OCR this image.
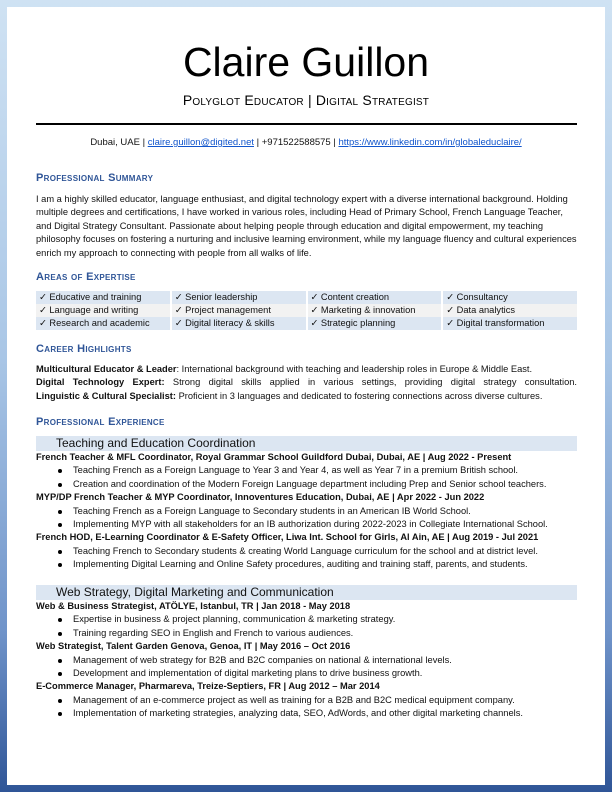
Claire Guillon
Polyglot Educator | Digital Strategist
Dubai, UAE | claire.guillon@digited.net | +971522588575 | https://www.linkedin.com/in/globaleduclaire/
Professional Summary
I am a highly skilled educator, language enthusiast, and digital technology expert with a diverse international background. Holding multiple degrees and certifications, I have worked in various roles, including Head of Primary School, French Language Teacher, and Digital Strategy Consultant. Passionate about helping people through education and digital empowerment, my teaching philosophy focuses on fostering a nurturing and inclusive learning environment, while my language fluency and cultural experiences enrich my approach to connecting with people from all walks of life.
Areas of Expertise
✓ Educative and training	✓ Senior leadership	✓ Content creation	✓ Consultancy
✓ Language and writing	✓ Project management	✓ Marketing & innovation	✓ Data analytics
✓ Research and academic	✓ Digital literacy & skills	✓ Strategic planning	✓ Digital transformation
Career Highlights
Multicultural Educator & Leader: International background with teaching and leadership roles in Europe & Middle East.
Digital Technology Expert: Strong digital skills applied in various settings, providing digital strategy consultation.
Linguistic & Cultural Specialist: Proficient in 3 languages and dedicated to fostering connections across diverse cultures.
Professional Experience
Teaching and Education Coordination
French Teacher & MFL Coordinator, Royal Grammar School Guildford Dubai, Dubai, AE | Aug 2022 - Present
Teaching French as a Foreign Language to Year 3 and Year 4, as well as Year 7 in a premium British school.
Creation and coordination of the Modern Foreign Language department including Prep and Senior school teachers.
MYP/DP French Teacher & MYP Coordinator, Innoventures Education, Dubai, AE | Apr 2022 - Jun 2022
Teaching French as a Foreign Language to Secondary students in an American IB World School.
Implementing MYP with all stakeholders for an IB authorization during 2022-2023 in Collegiate International School.
French HOD, E-Learning Coordinator & E-Safety Officer, Liwa Int. School for Girls, Al Ain, AE | Aug 2019 - Jul 2021
Teaching French to Secondary students & creating World Language curriculum for the school and at district level.
Implementing Digital Learning and Online Safety procedures, auditing and training staff, parents, and students.
Web Strategy, Digital Marketing and Communication
Web & Business Strategist, ATÖLYE, Istanbul, TR | Jan 2018 - May 2018
Expertise in business & project planning, communication & marketing strategy.
Training regarding SEO in English and French to various audiences.
Web Strategist, Talent Garden Genova, Genoa, IT | May 2016 – Oct 2016
Management of web strategy for B2B and B2C companies on national & international levels.
Development and implementation of digital marketing plans to drive business growth.
E-Commerce Manager, Pharmareva, Treize-Septiers, FR | Aug 2012 – Mar 2014
Management of an e-commerce project as well as training for a B2B and B2C medical equipment company.
Implementation of marketing strategies, analyzing data, SEO, AdWords, and other digital marketing channels.
